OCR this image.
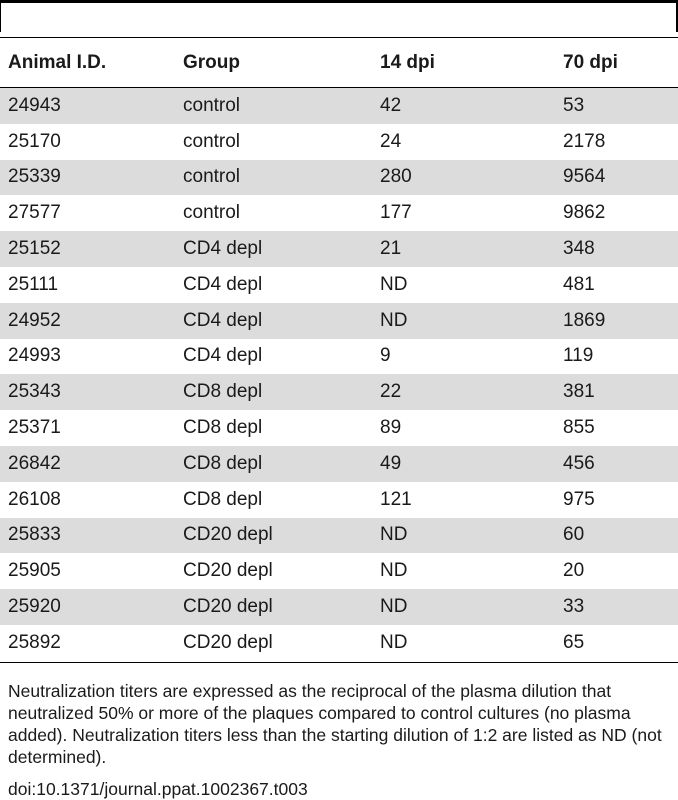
Animal I.D.	Group	14 dpi	70 dpi
24943	control	42	53
25170	control	24	2178
25339	control	280	9564
27577	control	177	9862
25152	CD4 depl	21	348
25111	CD4 depl	ND	481
24952	CD4 depl	ND	1869
24993	CD4 depl	9	119
25343	CD8 depl	22	381
25371	CD8 depl	89	855
26842	CD8 depl	49	456
26108	CD8 depl	121	975
25833	CD20 depl	ND	60
25905	CD20 depl	ND	20
25920	CD20 depl	ND	33
25892	CD20 depl	ND	65
Neutralization titers are expressed as the reciprocal of the plasma dilution that neutralized 50% or more of the plaques compared to control cultures (no plasma added). Neutralization titers less than the starting dilution of 1:2 are listed as ND (not determined).
doi:10.1371/journal.ppat.1002367.t003
